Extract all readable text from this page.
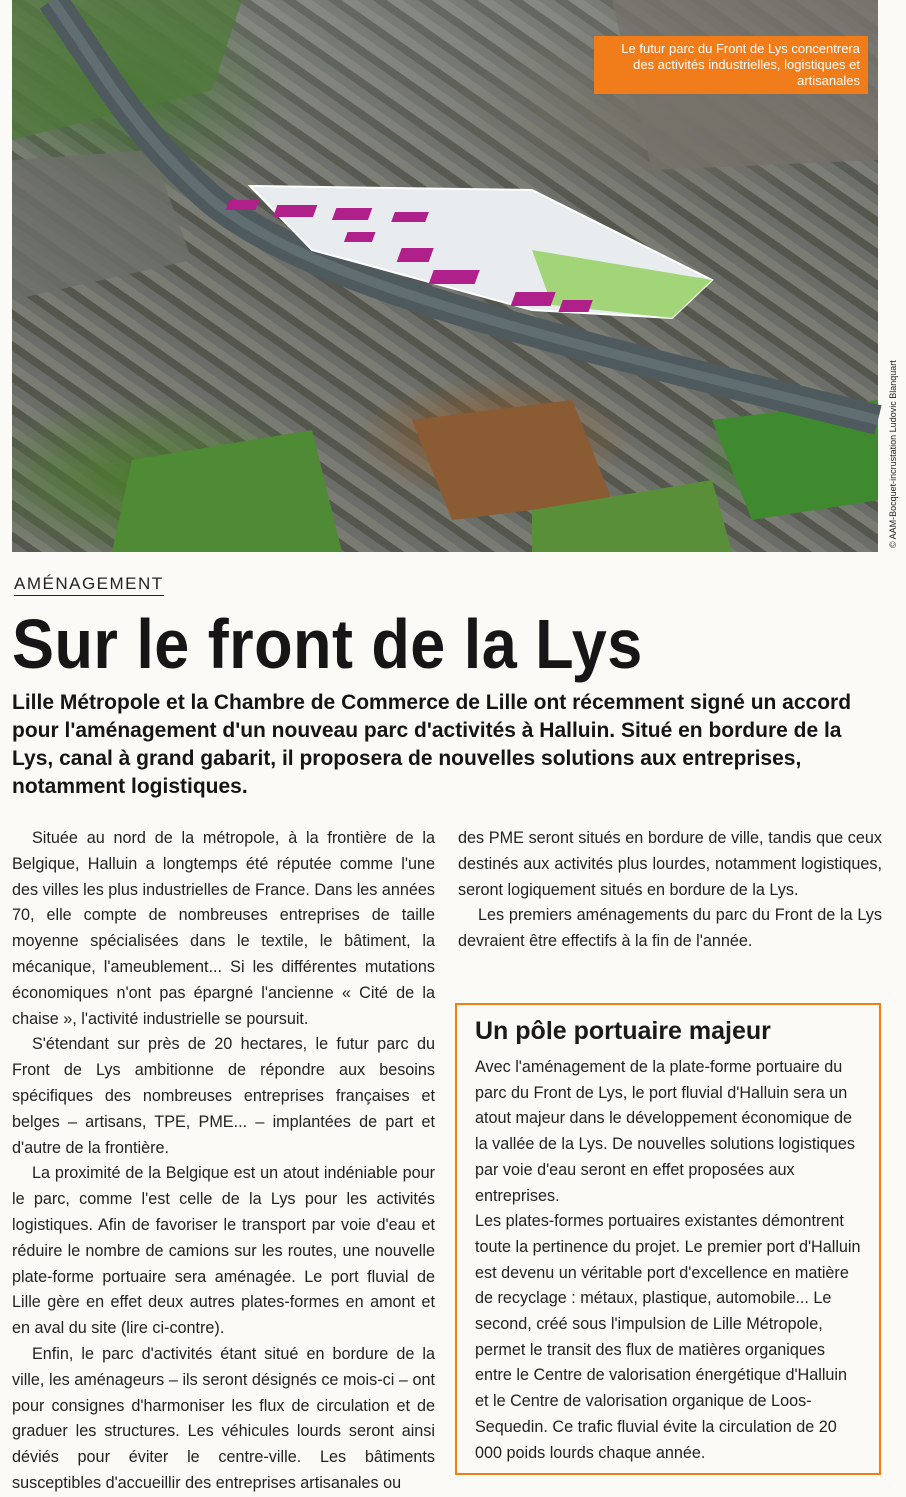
Le futur parc du Front de Lys concentrera des activités industrielles, logistiques et artisanales
© AAM-Bocquet-incrustation Ludovic Blanquart
AMÉNAGEMENT
Sur le front de la Lys

Lille Métropole et la Chambre de Commerce de Lille ont récemment signé un accord pour l'aménagement d'un nouveau parc d'activités à Halluin. Situé en bordure de la Lys, canal à grand gabarit, il proposera de nouvelles solutions aux entreprises, notamment logistiques.

Située au nord de la métropole, à la frontière de la Belgique, Halluin a longtemps été réputée comme l'une des villes les plus industrielles de France. Dans les années 70, elle compte de nombreuses entreprises de taille moyenne spécialisées dans le textile, le bâtiment, la mécanique, l'ameublement... Si les différentes mutations économiques n'ont pas épargné l'ancienne « Cité de la chaise », l'activité industrielle se poursuit.

S'étendant sur près de 20 hectares, le futur parc du Front de Lys ambitionne de répondre aux besoins spécifiques des nombreuses entreprises françaises et belges – artisans, TPE, PME... – implantées de part et d'autre de la frontière.

La proximité de la Belgique est un atout indéniable pour le parc, comme l'est celle de la Lys pour les activités logistiques. Afin de favoriser le transport par voie d'eau et réduire le nombre de camions sur les routes, une nouvelle plate-forme portuaire sera aménagée. Le port fluvial de Lille gère en effet deux autres plates-formes en amont et en aval du site (lire ci-contre).

Enfin, le parc d'activités étant situé en bordure de la ville, les aménageurs – ils seront désignés ce mois-ci – ont pour consignes d'harmoniser les flux de circulation et de graduer les structures. Les véhicules lourds seront ainsi déviés pour éviter le centre-ville. Les bâtiments susceptibles d'accueillir des entreprises artisanales ou

des PME seront situés en bordure de ville, tandis que ceux destinés aux activités plus lourdes, notamment logistiques, seront logiquement situés en bordure de la Lys.

Les premiers aménagements du parc du Front de la Lys devraient être effectifs à la fin de l'année.

Un pôle portuaire majeur

Avec l'aménagement de la plate-forme portuaire du parc du Front de Lys, le port fluvial d'Halluin sera un atout majeur dans le développement économique de la vallée de la Lys. De nouvelles solutions logistiques par voie d'eau seront en effet proposées aux entreprises.

Les plates-formes portuaires existantes démontrent toute la pertinence du projet. Le premier port d'Halluin est devenu un véritable port d'excellence en matière de recyclage : métaux, plastique, automobile... Le second, créé sous l'impulsion de Lille Métropole, permet le transit des flux de matières organiques entre le Centre de valorisation énergétique d'Halluin et le Centre de valorisation organique de Loos-Sequedin. Ce trafic fluvial évite la circulation de 20 000 poids lourds chaque année.
